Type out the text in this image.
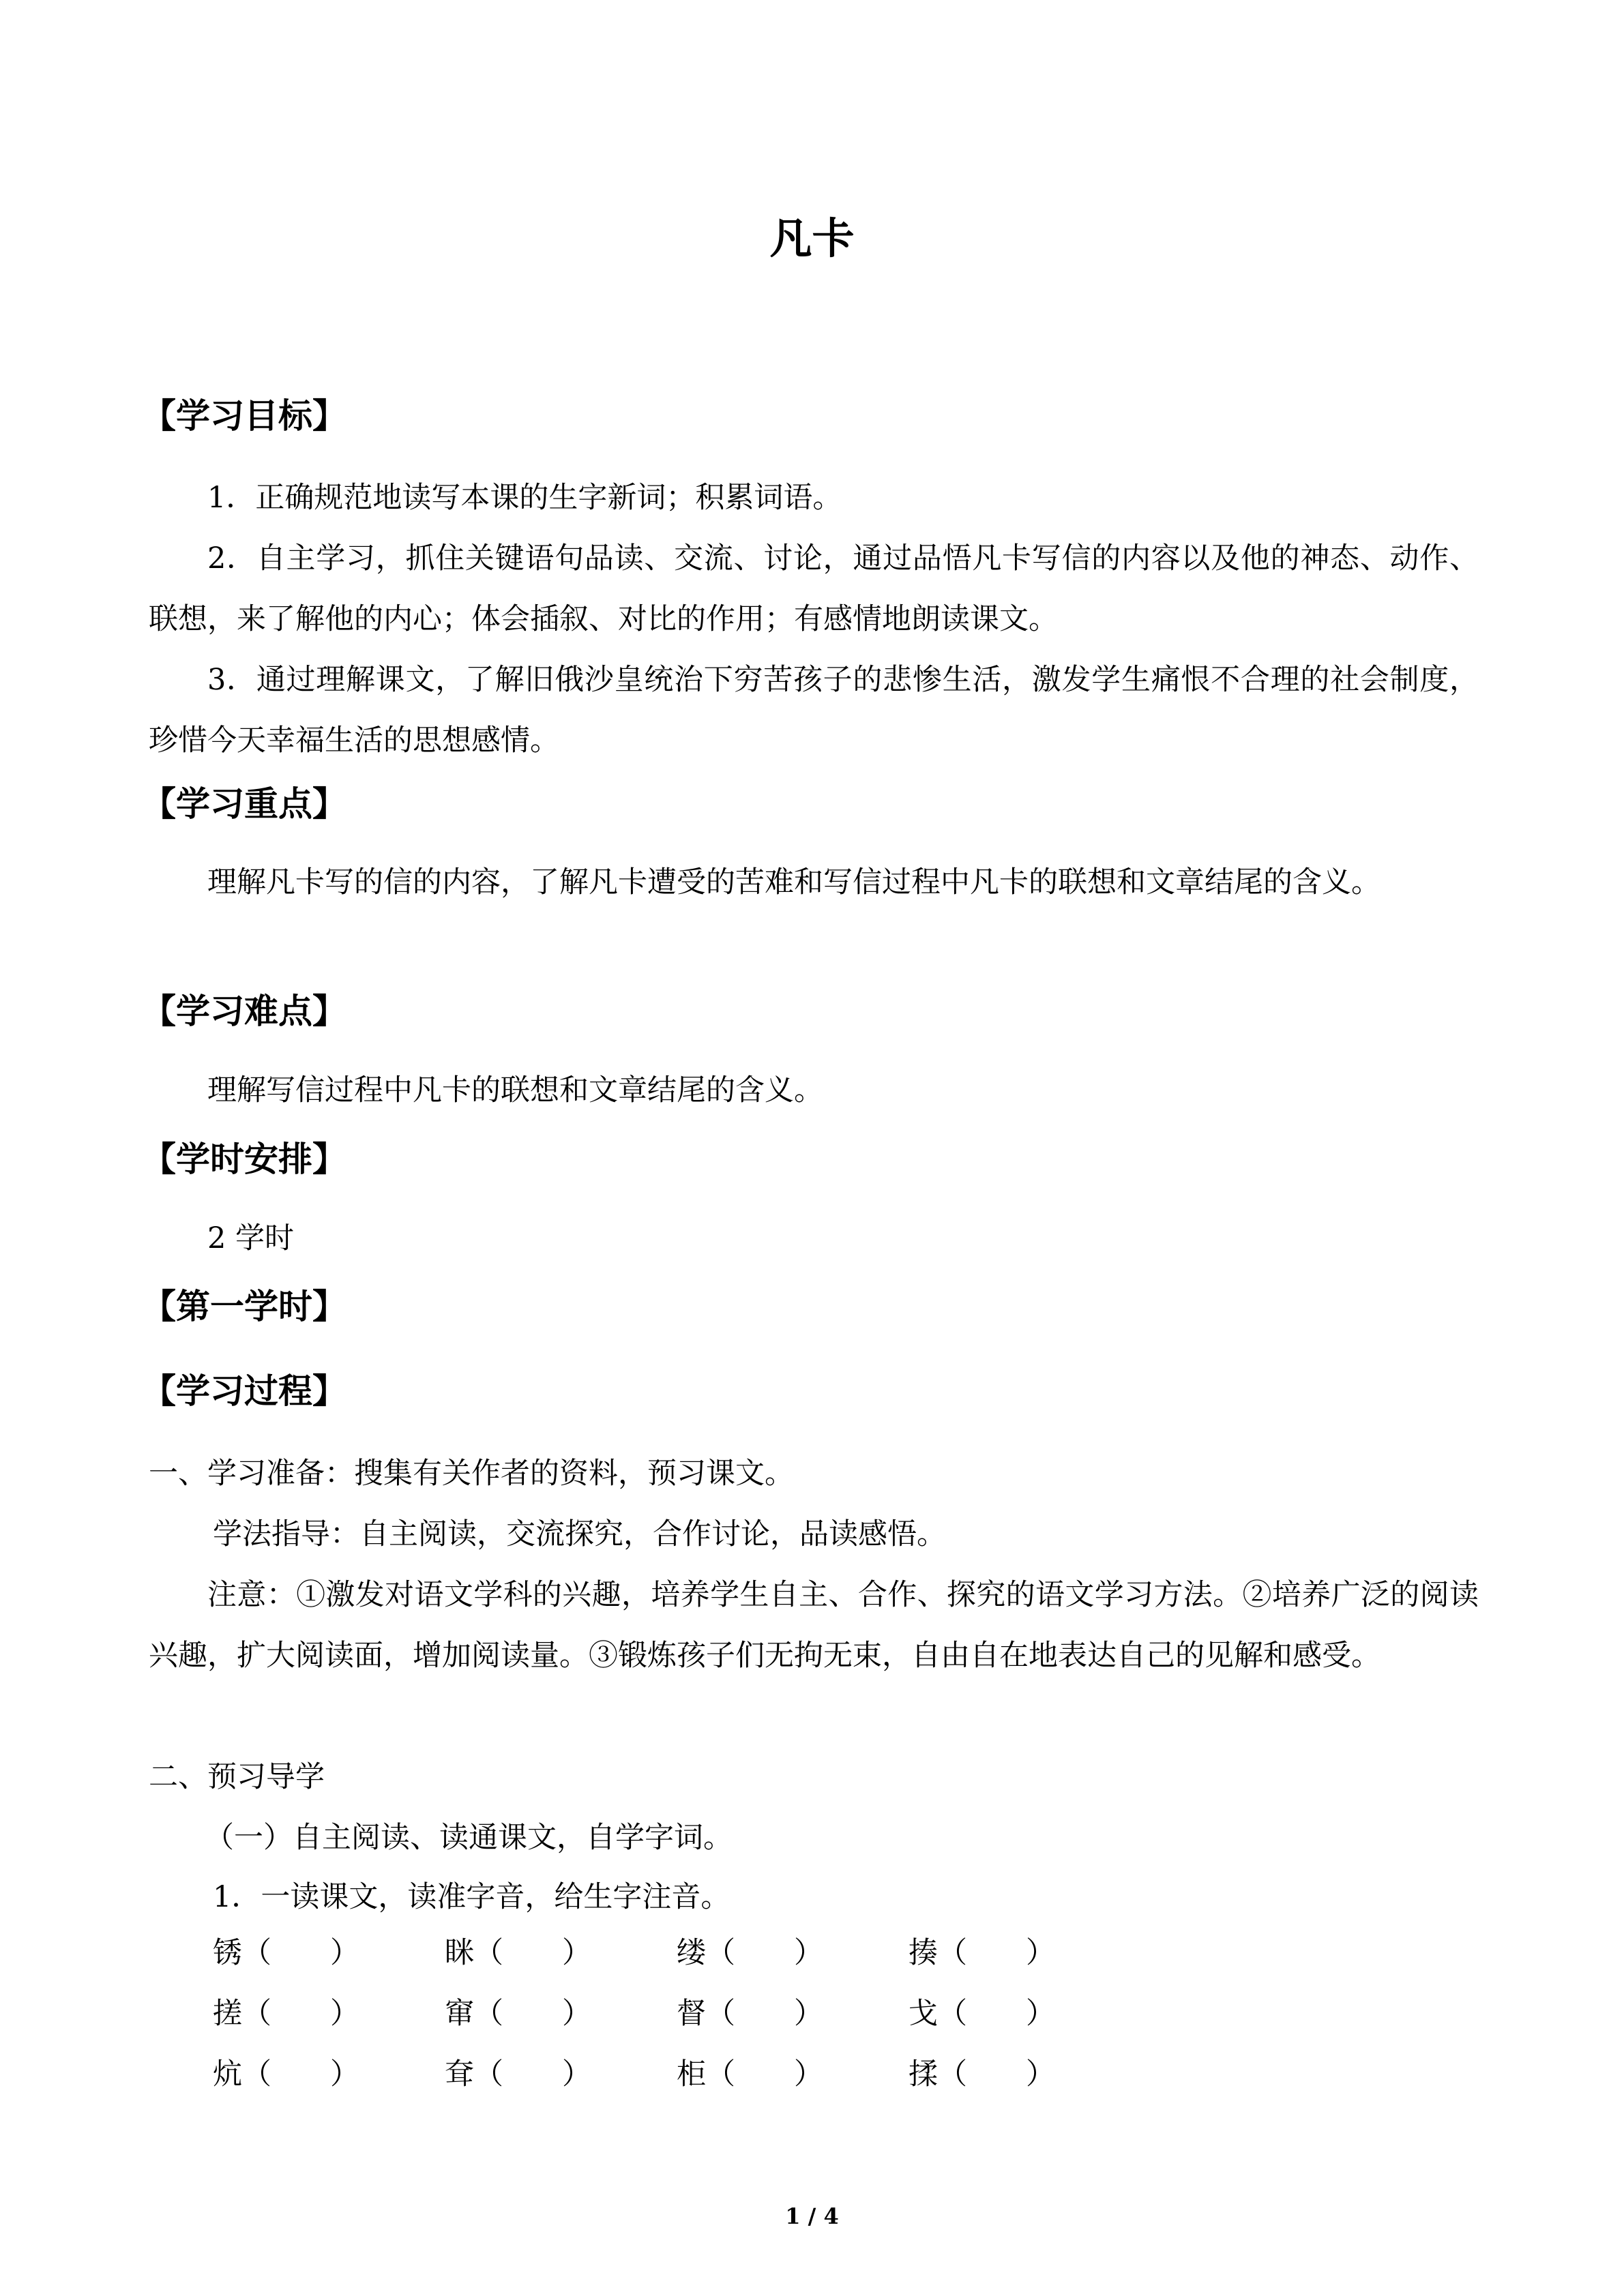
凡卡
【学习目标】

1．正确规范地读写本课的生字新词；积累词语。

2．自主学习，抓住关键语句品读、交流、讨论，通过品悟凡卡写信的内容以及他的神态、动作、联想，来了解他的内心；体会插叙、对比的作用；有感情地朗读课文。

3．通过理解课文，了解旧俄沙皇统治下穷苦孩子的悲惨生活，激发学生痛恨不合理的社会制度，珍惜今天幸福生活的思想感情。

【学习重点】

理解凡卡写的信的内容，了解凡卡遭受的苦难和写信过程中凡卡的联想和文章结尾的含义。

【学习难点】

理解写信过程中凡卡的联想和文章结尾的含义。

【学时安排】

2 学时

【第一学时】
【学习过程】

一、学习准备：搜集有关作者的资料，预习课文。

学法指导：自主阅读，交流探究，合作讨论，品读感悟。

注意：①激发对语文学科的兴趣，培养学生自主、合作、探究的语文学习方法。②培养广泛的阅读兴趣，扩大阅读面，增加阅读量。③锻炼孩子们无拘无束，自由自在地表达自己的见解和感受。

二、预习导学

（一）自主阅读、读通课文，自学字词。

1．一读课文，读准字音，给生字注音。

锈（　　）	眯（　　）	缕（　　）	揍（　　）
搓（　　）	窜（　　）	督（　　）	戈（　　）
炕（　　）	耷（　　）	柜（　　）	揉（　　）

1 / 4
